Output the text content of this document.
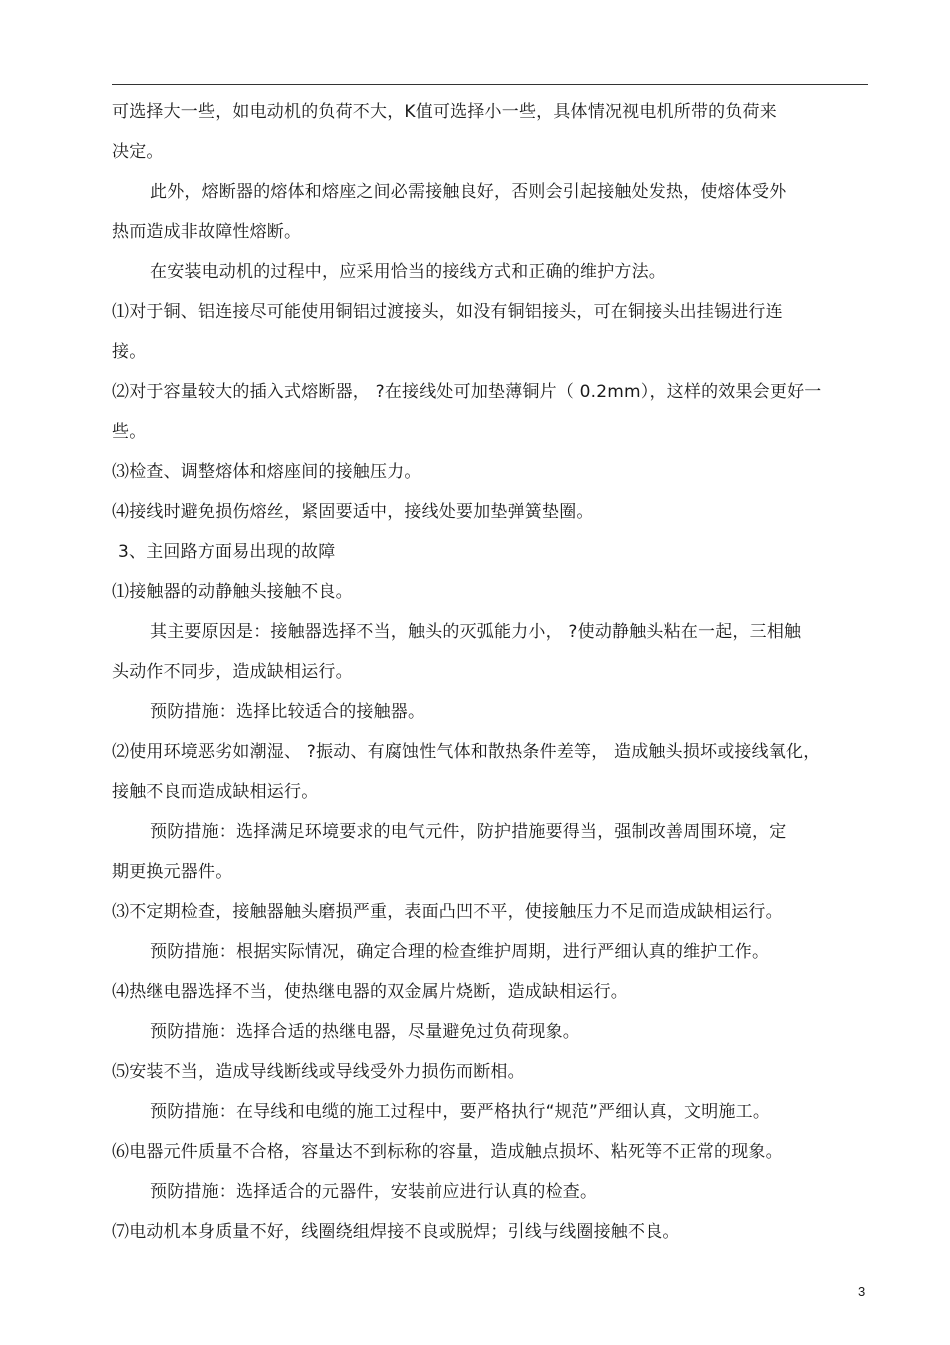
可选择大一些，如电动机的负荷不大，K值可选择小一些，具体情况视电机所带的负荷来
决定。
此外，熔断器的熔体和熔座之间必需接触良好，否则会引起接触处发热，使熔体受外
热而造成非故障性熔断。
在安装电动机的过程中，应采用恰当的接线方式和正确的维护方法。
⑴对于铜、铝连接尽可能使用铜铝过渡接头，如没有铜铝接头，可在铜接头出挂锡进行连
接。
⑵对于容量较大的插入式熔断器， ?在接线处可加垫薄铜片（ 0.2mm），这样的效果会更好一
些。
⑶检查、调整熔体和熔座间的接触压力。
⑷接线时避免损伤熔丝，紧固要适中，接线处要加垫弹簧垫圈。
3、主回路方面易出现的故障
⑴接触器的动静触头接触不良。
其主要原因是：接触器选择不当，触头的灭弧能力小， ?使动静触头粘在一起，三相触
头动作不同步，造成缺相运行。
预防措施：选择比较适合的接触器。
⑵使用环境恶劣如潮湿、 ?振动、有腐蚀性气体和散热条件差等， 造成触头损坏或接线氧化，
接触不良而造成缺相运行。
预防措施：选择满足环境要求的电气元件，防护措施要得当，强制改善周围环境，定
期更换元器件。
⑶不定期检查，接触器触头磨损严重，表面凸凹不平，使接触压力不足而造成缺相运行。
预防措施：根据实际情况，确定合理的检查维护周期，进行严细认真的维护工作。
⑷热继电器选择不当，使热继电器的双金属片烧断，造成缺相运行。
预防措施：选择合适的热继电器，尽量避免过负荷现象。
⑸安装不当，造成导线断线或导线受外力损伤而断相。
预防措施：在导线和电缆的施工过程中，要严格执行“规范”严细认真，文明施工。
⑹电器元件质量不合格，容量达不到标称的容量，造成触点损坏、粘死等不正常的现象。
预防措施：选择适合的元器件，安装前应进行认真的检查。
⑺电动机本身质量不好，线圈绕组焊接不良或脱焊；引线与线圈接触不良。
3
